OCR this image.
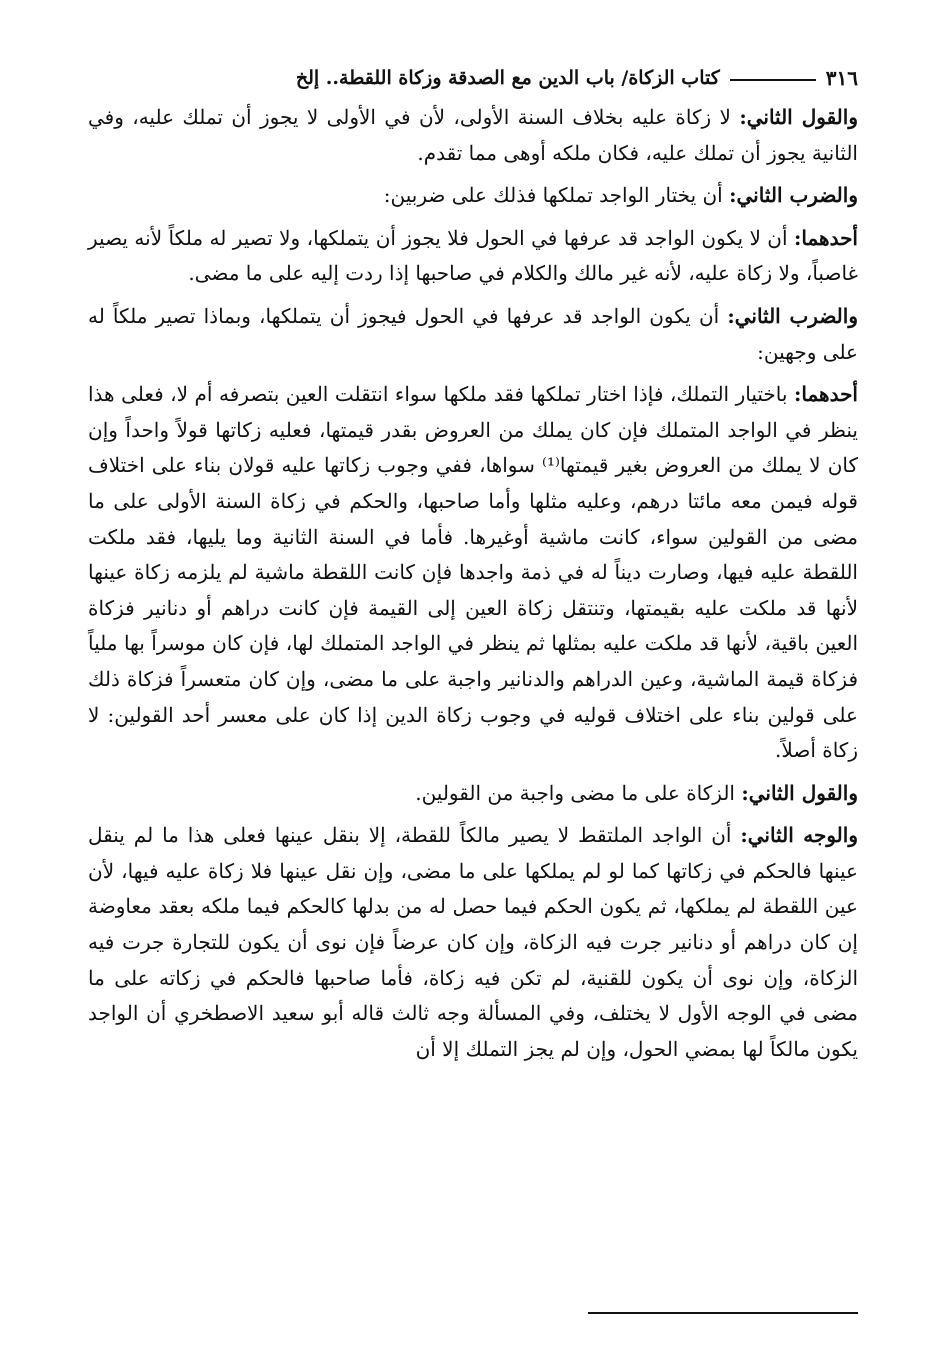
٣١٦
كتاب الزكاة/ باب الدين مع الصدقة وزكاة اللقطة.. إلخ

والقول الثاني: لا زكاة عليه بخلاف السنة الأولى، لأن في الأولى لا يجوز أن تملك عليه، وفي الثانية يجوز أن تملك عليه، فكان ملكه أوهى مما تقدم.

والضرب الثاني: أن يختار الواجد تملكها فذلك على ضربين:

أحدهما: أن لا يكون الواجد قد عرفها في الحول فلا يجوز أن يتملكها، ولا تصير له ملكاً لأنه يصير غاصباً، ولا زكاة عليه، لأنه غير مالك والكلام في صاحبها إذا ردت إليه على ما مضى.

والضرب الثاني: أن يكون الواجد قد عرفها في الحول فيجوز أن يتملكها، وبماذا تصير ملكاً له على وجهين:

أحدهما: باختيار التملك، فإذا اختار تملكها فقد ملكها سواء انتقلت العين بتصرفه أم لا، فعلى هذا ينظر في الواجد المتملك فإن كان يملك من العروض بقدر قيمتها، فعليه زكاتها قولاً واحداً وإن كان لا يملك من العروض بغير قيمتها⁽¹⁾ سواها، ففي وجوب زكاتها عليه قولان بناء على اختلاف قوله فيمن معه مائتا درهم، وعليه مثلها وأما صاحبها، والحكم في زكاة السنة الأولى على ما مضى من القولين سواء، كانت ماشية أوغيرها. فأما في السنة الثانية وما يليها، فقد ملكت اللقطة عليه فيها، وصارت ديناً له في ذمة واجدها فإن كانت اللقطة ماشية لم يلزمه زكاة عينها لأنها قد ملكت عليه بقيمتها، وتنتقل زكاة العين إلى القيمة فإن كانت دراهم أو دنانير فزكاة العين باقية، لأنها قد ملكت عليه بمثلها ثم ينظر في الواجد المتملك لها، فإن كان موسراً بها ملياً فزكاة قيمة الماشية، وعين الدراهم والدنانير واجبة على ما مضى، وإن كان متعسراً فزكاة ذلك على قولين بناء على اختلاف قوليه في وجوب زكاة الدين إذا كان على معسر أحد القولين: لا زكاة أصلاً.

والقول الثاني: الزكاة على ما مضى واجبة من القولين.

والوجه الثاني: أن الواجد الملتقط لا يصير مالكاً للقطة، إلا بنقل عينها فعلى هذا ما لم ينقل عينها فالحكم في زكاتها كما لو لم يملكها على ما مضى، وإن نقل عينها فلا زكاة عليه فيها، لأن عين اللقطة لم يملكها، ثم يكون الحكم فيما حصل له من بدلها كالحكم فيما ملكه بعقد معاوضة إن كان دراهم أو دنانير جرت فيه الزكاة، وإن كان عرضاً فإن نوى أن يكون للتجارة جرت فيه الزكاة، وإن نوى أن يكون للقنية، لم تكن فيه زكاة، فأما صاحبها فالحكم في زكاته على ما مضى في الوجه الأول لا يختلف، وفي المسألة وجه ثالث قاله أبو سعيد الاصطخري أن الواجد يكون مالكاً لها بمضي الحول، وإن لم يجز التملك إلا أن
